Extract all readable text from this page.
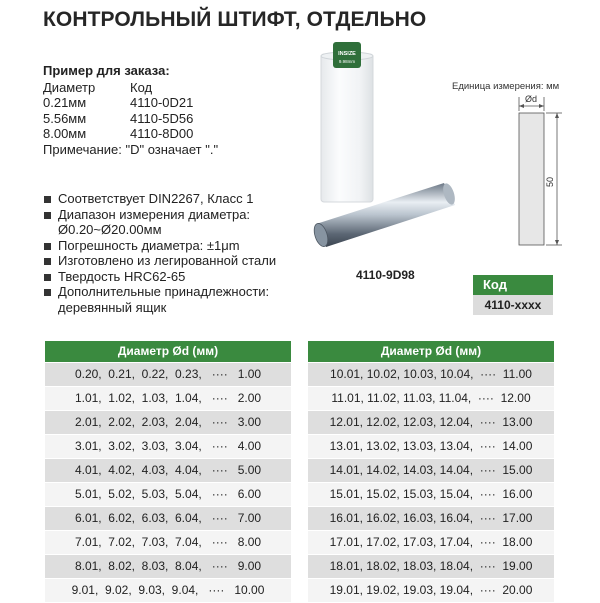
КОНТРОЛЬНЫЙ ШТИФТ, ОТДЕЛЬНО
Пример для заказа:
Диаметр	Код
0.21мм	4110-0D21
5.56мм	4110-5D56
8.00мм	4110-8D00
Примечание: "D" означает "."
Соответствует DIN2267, Класс 1
Диапазон измерения диаметра:
Ø0.20~Ø20.00мм
Погрешность диаметра: ±1μm
Изготовлено из легированной стали
Твердость HRC62-65
Дополнительные принадлежности:
деревянный ящик
INSIZE
9.98mm
4110-9D98
Единица измерения: мм
Ød
50
Код
4110-xxxx
Диаметр Ød (мм)
0.20,  0.21,  0.22,  0.23,   ····   1.00
1.01,  1.02,  1.03,  1.04,   ····   2.00
2.01,  2.02,  2.03,  2.04,   ····   3.00
3.01,  3.02,  3.03,  3.04,   ····   4.00
4.01,  4.02,  4.03,  4.04,   ····   5.00
5.01,  5.02,  5.03,  5.04,   ····   6.00
6.01,  6.02,  6.03,  6.04,   ····   7.00
7.01,  7.02,  7.03,  7.04,   ····   8.00
8.01,  8.02,  8.03,  8.04,   ····   9.00
9.01,  9.02,  9.03,  9.04,   ····   10.00
Диаметр Ød (мм)
10.01, 10.02, 10.03, 10.04,  ····  11.00
11.01, 11.02, 11.03, 11.04,  ····  12.00
12.01, 12.02, 12.03, 12.04,  ····  13.00
13.01, 13.02, 13.03, 13.04,  ····  14.00
14.01, 14.02, 14.03, 14.04,  ····  15.00
15.01, 15.02, 15.03, 15.04,  ····  16.00
16.01, 16.02, 16.03, 16.04,  ····  17.00
17.01, 17.02, 17.03, 17.04,  ····  18.00
18.01, 18.02, 18.03, 18.04,  ····  19.00
19.01, 19.02, 19.03, 19.04,  ····  20.00
